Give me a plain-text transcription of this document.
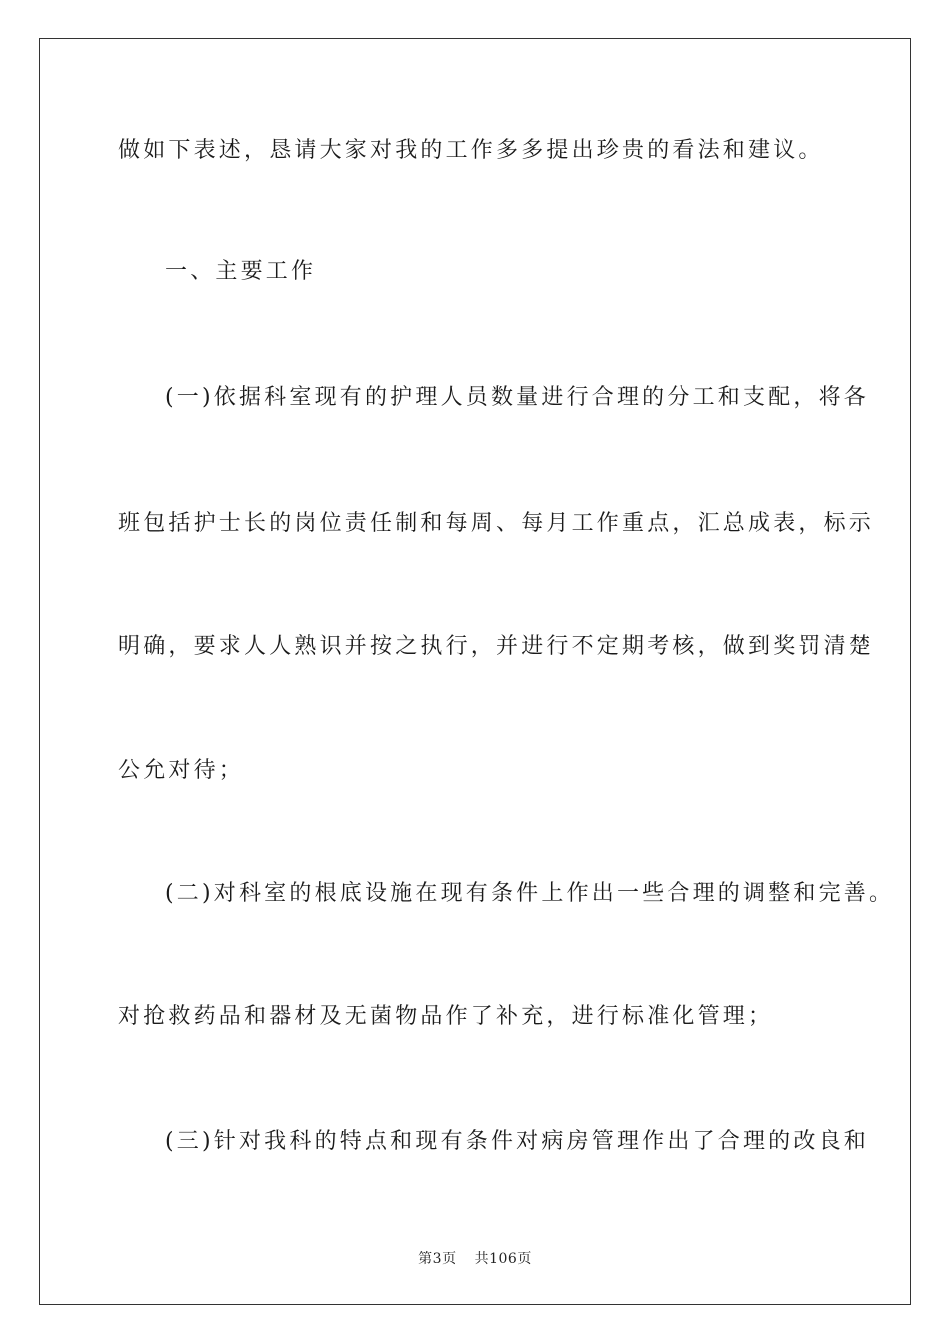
做如下表述，恳请大家对我的工作多多提出珍贵的看法和建议。
一、主要工作
(一)依据科室现有的护理人员数量进行合理的分工和支配，将各
班包括护士长的岗位责任制和每周、每月工作重点，汇总成表，标示
明确，要求人人熟识并按之执行，并进行不定期考核，做到奖罚清楚
公允对待；
(二)对科室的根底设施在现有条件上作出一些合理的调整和完善。
对抢救药品和器材及无菌物品作了补充，进行标准化管理；
(三)针对我科的特点和现有条件对病房管理作出了合理的改良和
第3页 共106页
